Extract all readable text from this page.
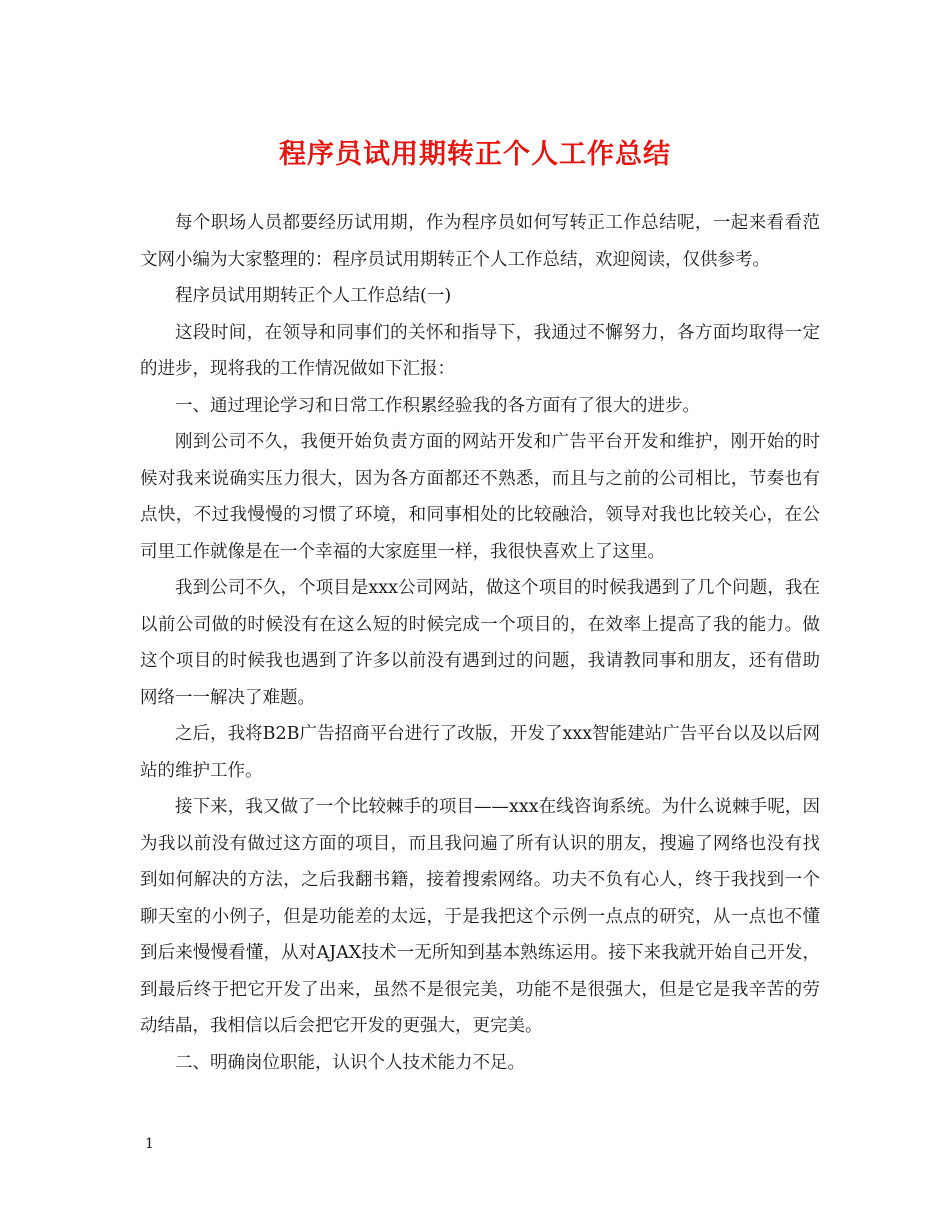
程序员试用期转正个人工作总结

每个职场人员都要经历试用期，作为程序员如何写转正工作总结呢，一起来看看范文网小编为大家整理的：程序员试用期转正个人工作总结，欢迎阅读，仅供参考。

程序员试用期转正个人工作总结(一)

这段时间，在领导和同事们的关怀和指导下，我通过不懈努力，各方面均取得一定的进步，现将我的工作情况做如下汇报：

一、通过理论学习和日常工作积累经验我的各方面有了很大的进步。

刚到公司不久，我便开始负责方面的网站开发和广告平台开发和维护，刚开始的时候对我来说确实压力很大，因为各方面都还不熟悉，而且与之前的公司相比，节奏也有点快，不过我慢慢的习惯了环境，和同事相处的比较融洽，领导对我也比较关心，在公司里工作就像是在一个幸福的大家庭里一样，我很快喜欢上了这里。

我到公司不久，个项目是xxx公司网站，做这个项目的时候我遇到了几个问题，我在以前公司做的时候没有在这么短的时候完成一个项目的，在效率上提高了我的能力。做这个项目的时候我也遇到了许多以前没有遇到过的问题，我请教同事和朋友，还有借助网络一一解决了难题。

之后，我将B2B广告招商平台进行了改版，开发了xxx智能建站广告平台以及以后网站的维护工作。

接下来，我又做了一个比较棘手的项目——xxx在线咨询系统。为什么说棘手呢，因为我以前没有做过这方面的项目，而且我问遍了所有认识的朋友，搜遍了网络也没有找到如何解决的方法，之后我翻书籍，接着搜索网络。功夫不负有心人，终于我找到一个聊天室的小例子，但是功能差的太远，于是我把这个示例一点点的研究，从一点也不懂到后来慢慢看懂，从对AJAX技术一无所知到基本熟练运用。接下来我就开始自己开发，到最后终于把它开发了出来，虽然不是很完美，功能不是很强大，但是它是我辛苦的劳动结晶，我相信以后会把它开发的更强大，更完美。

二、明确岗位职能，认识个人技术能力不足。

1
